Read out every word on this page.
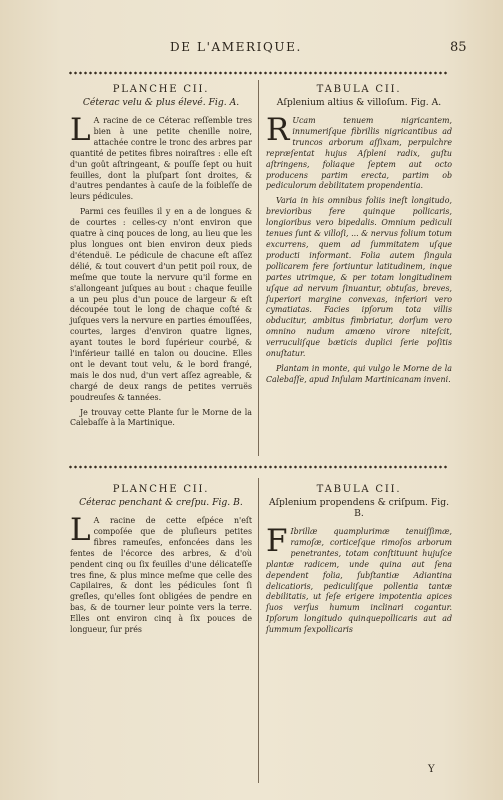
DE L'AMERIQUE.	85
PLANCHE CII.
Céterac velu & plus élevé. Fig. A.

L A racine de ce Céterac reſſemble tres bien à une petite chenille noire, attachée contre le tronc des arbres par quantité de petites fibres noiraſtres : elle eſt d'un goût aſtringeant, & pouſſe ſept ou huit feuilles, dont la pluſpart ſont droites, & d'autres pendantes à cauſe de la foibleſſe de leurs pédicules.

Parmi ces feuilles il y en a de longues & de courtes : celles-cy n'ont environ que quatre à cinq pouces de long, au lieu que les plus longues ont bien environ deux pieds d'étenduë. Le pédicule de chacune eſt aſſez délié, & tout couvert d'un petit poil roux, de meſme que toute la nervure qu'il forme en s'allongeant juſques au bout : chaque feuille a un peu plus d'un pouce de largeur & eſt découpée tout le long de chaque coſté & juſques vers la nervure en parties émouſſées, courtes, larges d'environ quatre lignes, ayant toutes le bord ſupérieur courbé, & l'inférieur taillé en talon ou doucine. Elles ont le devant tout velu, & le bord frangé, mais le dos nud, d'un vert aſſez agreable, & chargé de deux rangs de petites verruës poudreuſes & tannées.

Je trouvay cette Plante ſur le Morne de la Calebaſſe à la Martinique.

TABULA CII.
Aſplenium altius & villoſum. Fig. A.

R Ucam tenuem nigricantem, innumeriſque fibrillis nigricantibus ad truncos arborum aſſixam, perpulchre repræſentat hujus Aſpleni radix, guſtu aſtringens, foliaque ſeptem aut octo producens partim erecta, partim ob pediculorum debilitatem propendentia.

Varia in his omnibus foliis ineſt longitudo, brevioribus fere quinque pollicaris, longioribus vero bipedalis. Omnium pediculi tenues ſunt & villoſi, ... & nervus folium totum excurrens, quem ad ſummitatem uſque producti informant. Folia autem ſingula pollicarem fere ſortiuntur latitudinem, inque partes utrimque, & per totam longitudinem uſque ad nervum ſinuantur, obtuſas, breves, ſuperiori margine convexas, inferiori vero cymatiatas. Facies ipſorum tota villis obducitur, ambitus fimbriatur, dorſum vero omnino nudum amœno virore niteſcit, verruculiſque bæticis duplici ſerie poſitis onuſtatur.

Plantam in monte, qui vulgo le Morne de la Calebaſſe, apud Inſulam Martinicanam inveni.

PLANCHE CII.
Céterac penchant & creſpu. Fig. B.

L A racine de cette eſpéce n'eſt compoſée que de pluſieurs petites fibres rameuſes, enfoncées dans les fentes de l'écorce des arbres, & d'où pendent cinq ou ſix feuilles d'une délicateſſe tres fine, & plus mince meſme que celle des Capilaires, & dont les pédicules ſont ſi greſles, qu'elles ſont obligées de pendre en bas, & de tourner leur pointe vers la terre. Elles ont environ cinq à ſix pouces de longueur, ſur prés

TABULA CII.
Aſplenium propendens & criſpum. Fig. B.

F Ibrillæ quamplurimæ tenuiſſimæ, ramoſæ, corticeſque rimoſos arborum penetrantes, totam conſtituunt hujuſce plantæ radicem, unde quina aut ſena dependent folia, ſubſtantiæ Adiantina delicatioris, pediculiſque pollentia tantæ debilitatis, ut ſeſe erigere impotentia apices ſuos verſus humum inclinari cogantur. Ipſorum longitudo quinquepollicaris aut ad ſummum ſexpollicaris

Y
